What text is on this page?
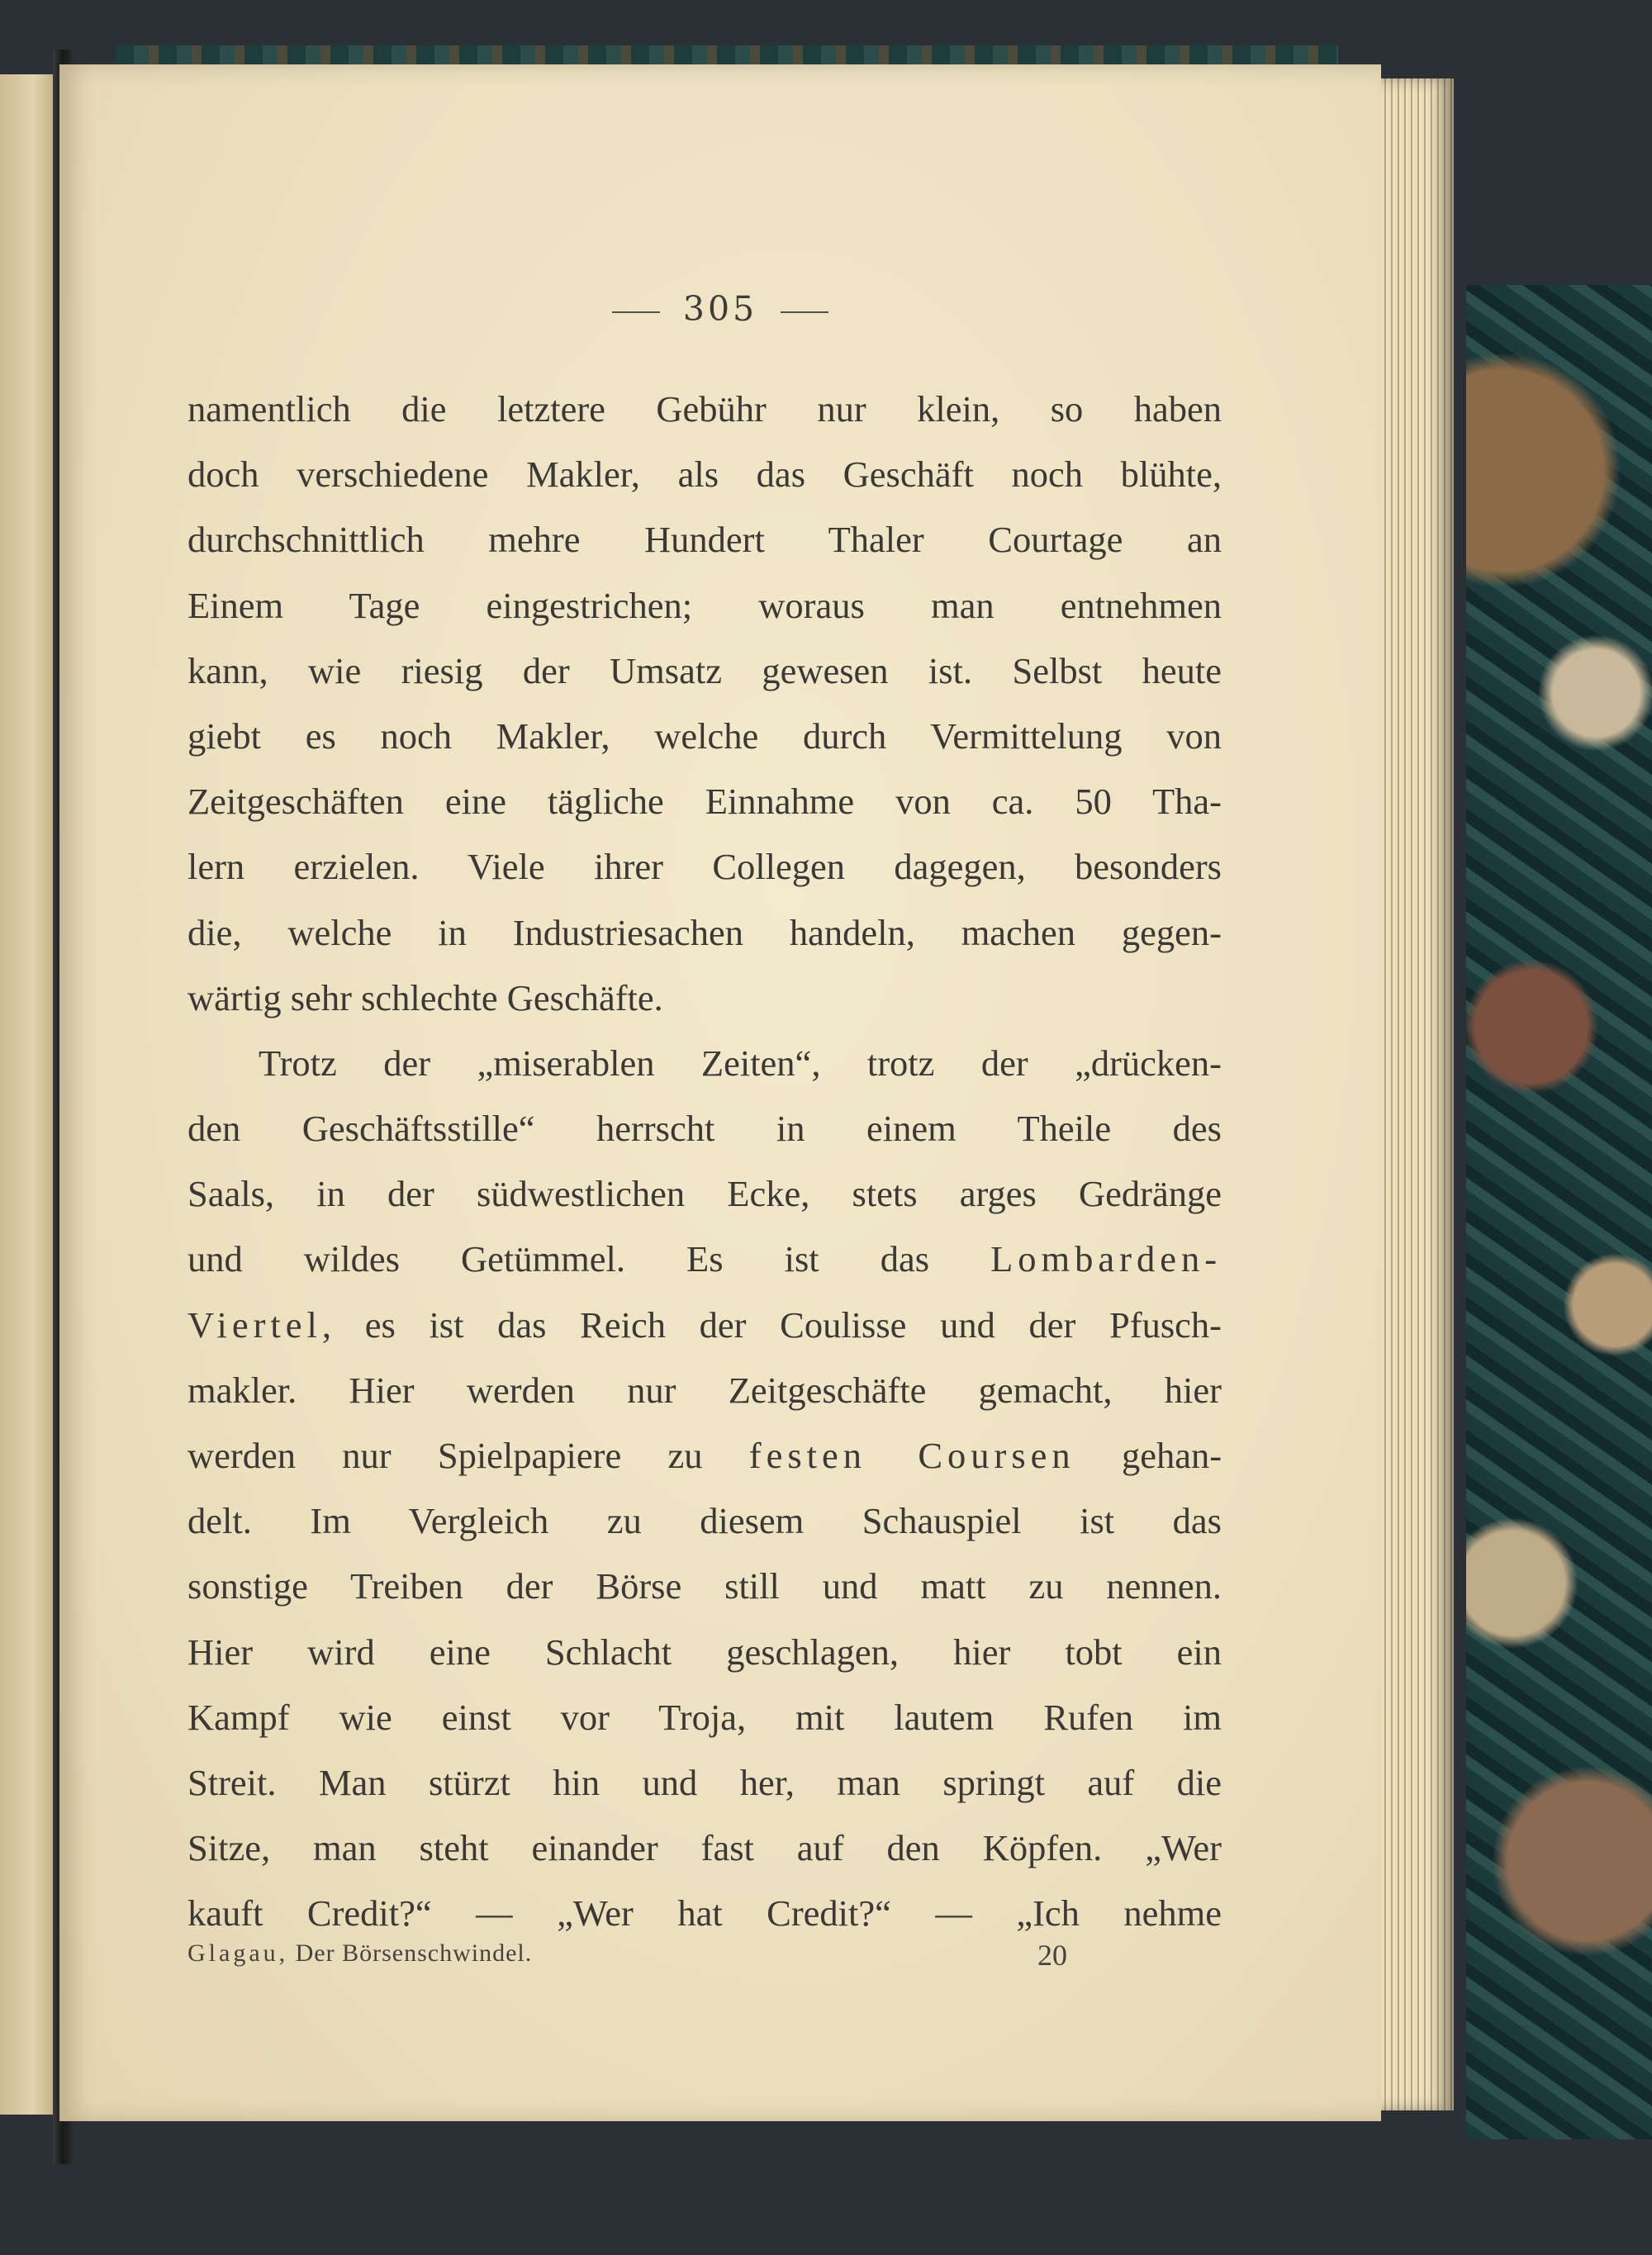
305
namentlich die letztere Gebühr nur klein, so haben
doch verschiedene Makler, als das Geschäft noch blühte,
durchschnittlich mehre Hundert Thaler Courtage an
Einem Tage eingestrichen; woraus man entnehmen
kann, wie riesig der Umsatz gewesen ist. Selbst heute
giebt es noch Makler, welche durch Vermittelung von
Zeitgeschäften eine tägliche Einnahme von ca. 50 Tha-
lern erzielen. Viele ihrer Collegen dagegen, besonders
die, welche in Industriesachen handeln, machen gegen-
wärtig sehr schlechte Geschäfte.
Trotz der „miserablen Zeiten“, trotz der „drücken-
den Geschäftsstille“ herrscht in einem Theile des
Saals, in der südwestlichen Ecke, stets arges Gedränge
und wildes Getümmel. Es ist das Lombarden-
Viertel, es ist das Reich der Coulisse und der Pfusch-
makler. Hier werden nur Zeitgeschäfte gemacht, hier
werden nur Spielpapiere zu festen Coursen gehan-
delt. Im Vergleich zu diesem Schauspiel ist das
sonstige Treiben der Börse still und matt zu nennen.
Hier wird eine Schlacht geschlagen, hier tobt ein
Kampf wie einst vor Troja, mit lautem Rufen im
Streit. Man stürzt hin und her, man springt auf die
Sitze, man steht einander fast auf den Köpfen. „Wer
kauft Credit?“ — „Wer hat Credit?“ — „Ich nehme
Glagau, Der Börsenschwindel.	20
